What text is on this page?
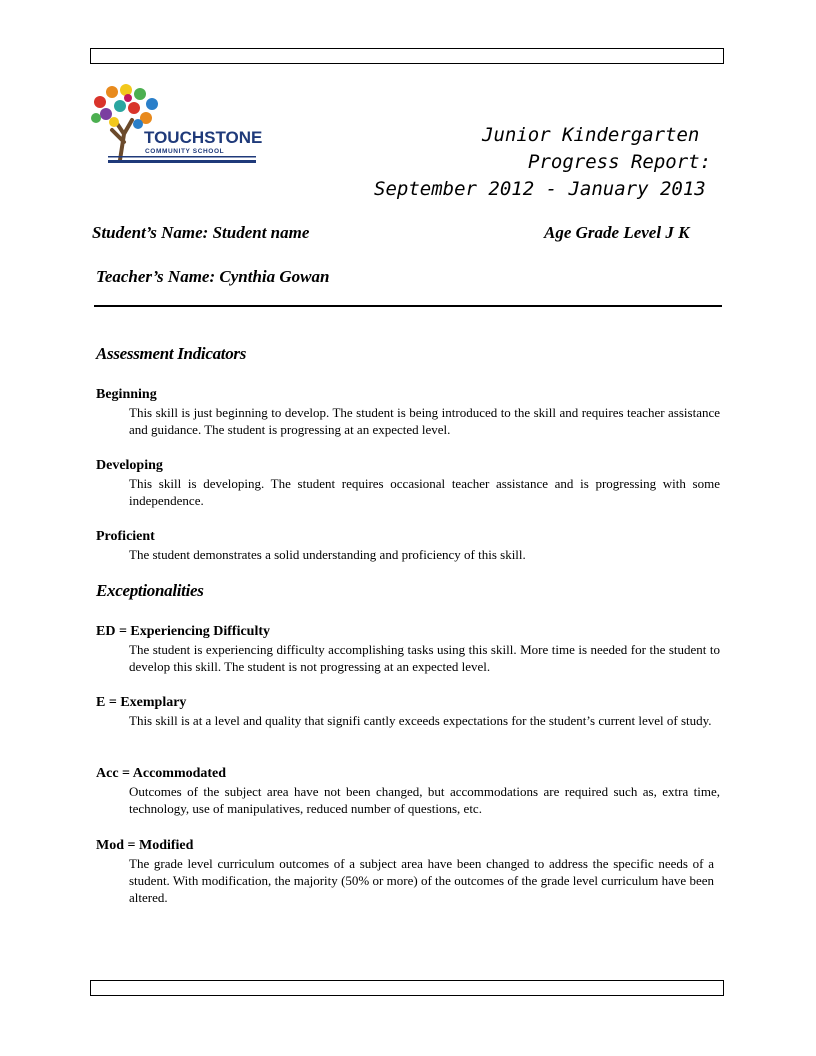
TOUCHSTONE
COMMUNITY SCHOOL
Junior Kindergarten
Progress Report:
September 2012 - January 2013
Student’s Name: Student name	Age Grade Level J K
Teacher’s Name: Cynthia Gowan
Assessment Indicators
Beginning
This skill is just beginning to develop. The student is being introduced to the skill and requires teacher assistance and guidance. The student is progressing at an expected level.
Developing
This skill is developing. The student requires occasional teacher assistance and is progressing with some independence.
Proficient
The student demonstrates a solid understanding and proficiency of this skill.
Exceptionalities
ED = Experiencing Difficulty
The student is experiencing difficulty accomplishing tasks using this skill. More time is needed for the student to develop this skill. The student is not progressing at an expected level.
E = Exemplary
This skill is at a level and quality that signifi cantly exceeds expectations for the student’s current level of study.
Acc = Accommodated
Outcomes of the subject area have not been changed, but accommodations are required such as, extra time, technology, use of manipulatives, reduced number of questions, etc.
Mod = Modified
The grade level curriculum outcomes of a subject area have been changed to address the specific needs of a student. With modification, the majority (50% or more) of the outcomes of the grade level curriculum have been altered.
